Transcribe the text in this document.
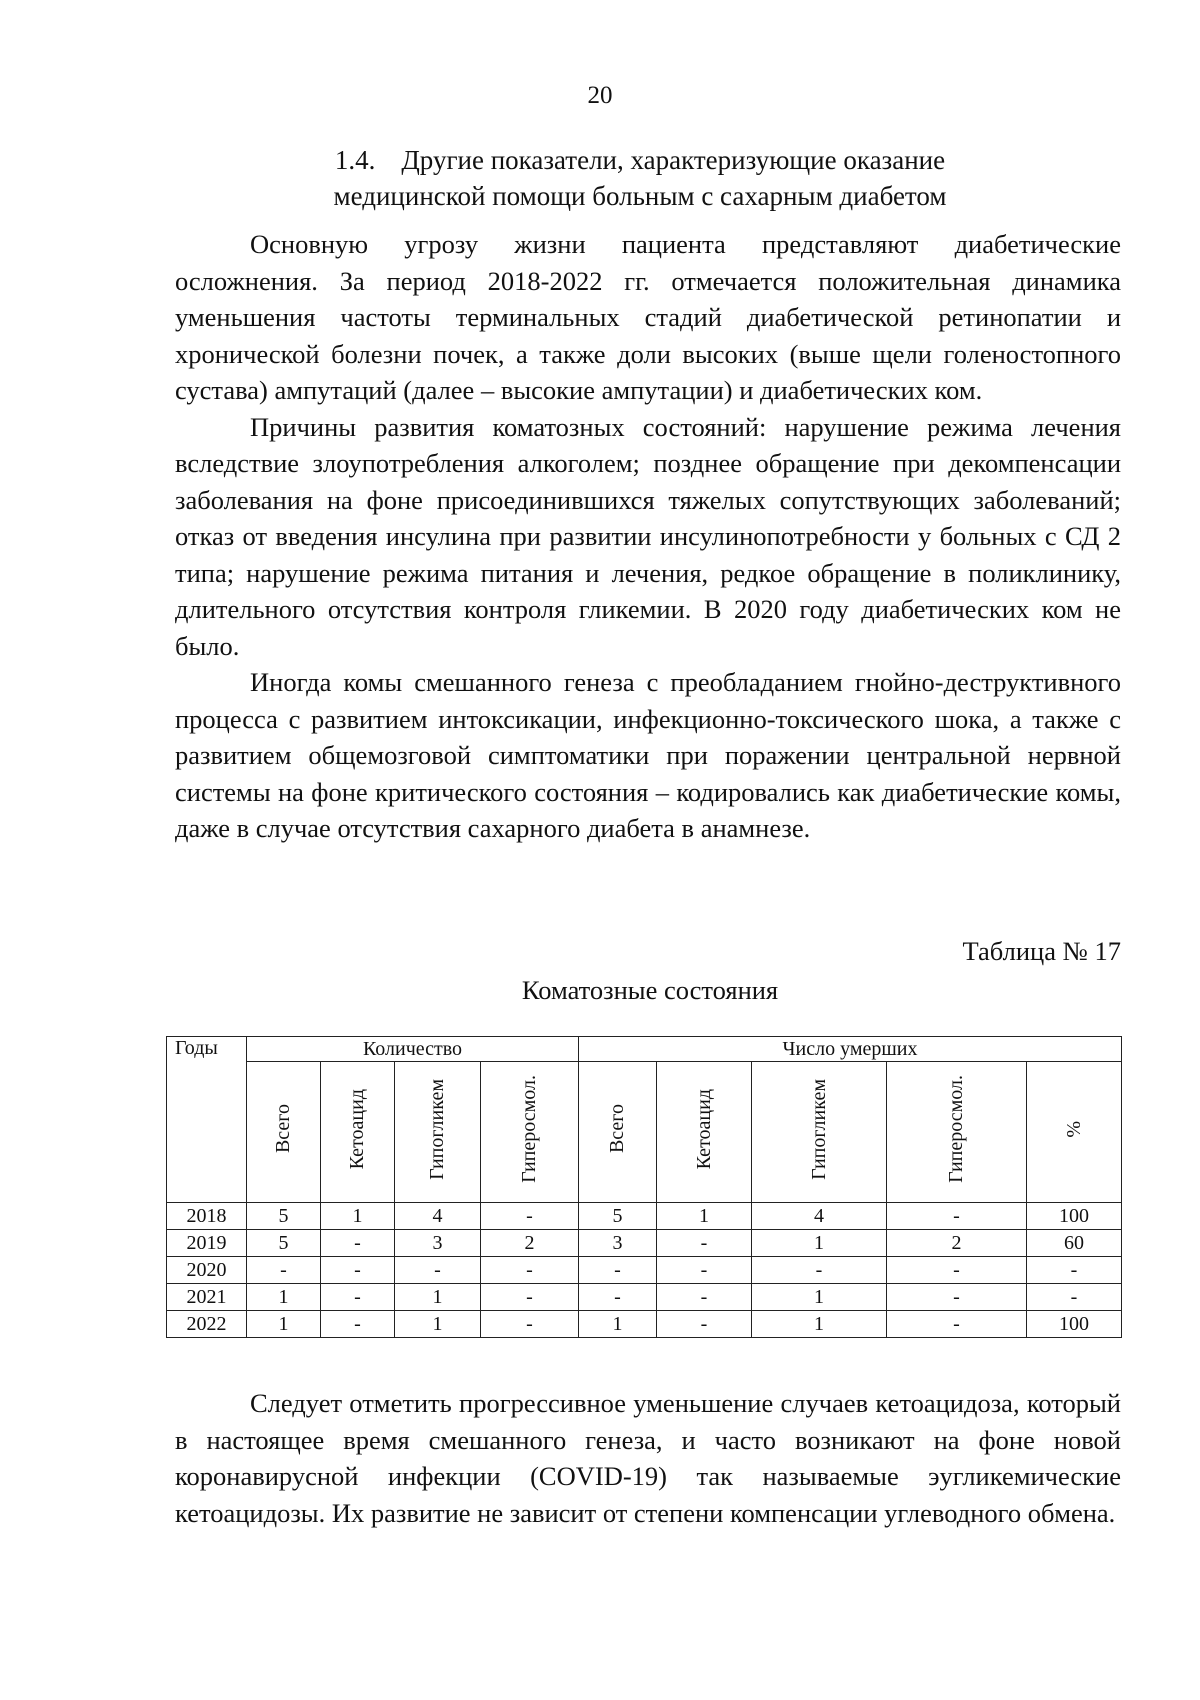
20
1.4. Другие показатели, характеризующие оказание
медицинской помощи больным с сахарным диабетом

Основную угрозу жизни пациента представляют диабетические осложнения. За период 2018-2022 гг. отмечается положительная динамика уменьшения частоты терминальных стадий диабетической ретинопатии и хронической болезни почек, а также доли высоких (выше щели голеностопного сустава) ампутаций (далее – высокие ампутации) и диабетических ком.

Причины развития коматозных состояний: нарушение режима лечения вследствие злоупотребления алкоголем; позднее обращение при декомпенсации заболевания на фоне присоединившихся тяжелых сопутствующих заболеваний; отказ от введения инсулина при развитии инсулинопотребности у больных с СД 2 типа; нарушение режима питания и лечения, редкое обращение в поликлинику, длительного отсутствия контроля гликемии. В 2020 году диабетических ком не было.

Иногда комы смешанного генеза с преобладанием гнойно-деструктивного процесса с развитием интоксикации, инфекционно-токсического шока, а также с развитием общемозговой симптоматики при поражении центральной нервной системы на фоне критического состояния – кодировались как диабетические комы, даже в случае отсутствия сахарного диабета в анамнезе.

Таблица № 17
Коматозные состояния
Годы	Количество				Число умерших				
	Всего	Кетоацид	Гипогликем	Гиперосмол.	Всего	Кетоацид	Гипогликем	Гиперосмол.	%
2018	5	1	4	-	5	1	4	-	100
2019	5	-	3	2	3	-	1	2	60
2020	-	-	-	-	-	-	-	-	-
2021	1	-	1	-	-	-	1	-	-
2022	1	-	1	-	1	-	1	-	100

Следует отметить прогрессивное уменьшение случаев кетоацидоза, который в настоящее время смешанного генеза, и часто возникают на фоне новой коронавирусной инфекции (COVID-19) так называемые эугликемические кетоацидозы. Их развитие не зависит от степени компенсации углеводного обмена.
